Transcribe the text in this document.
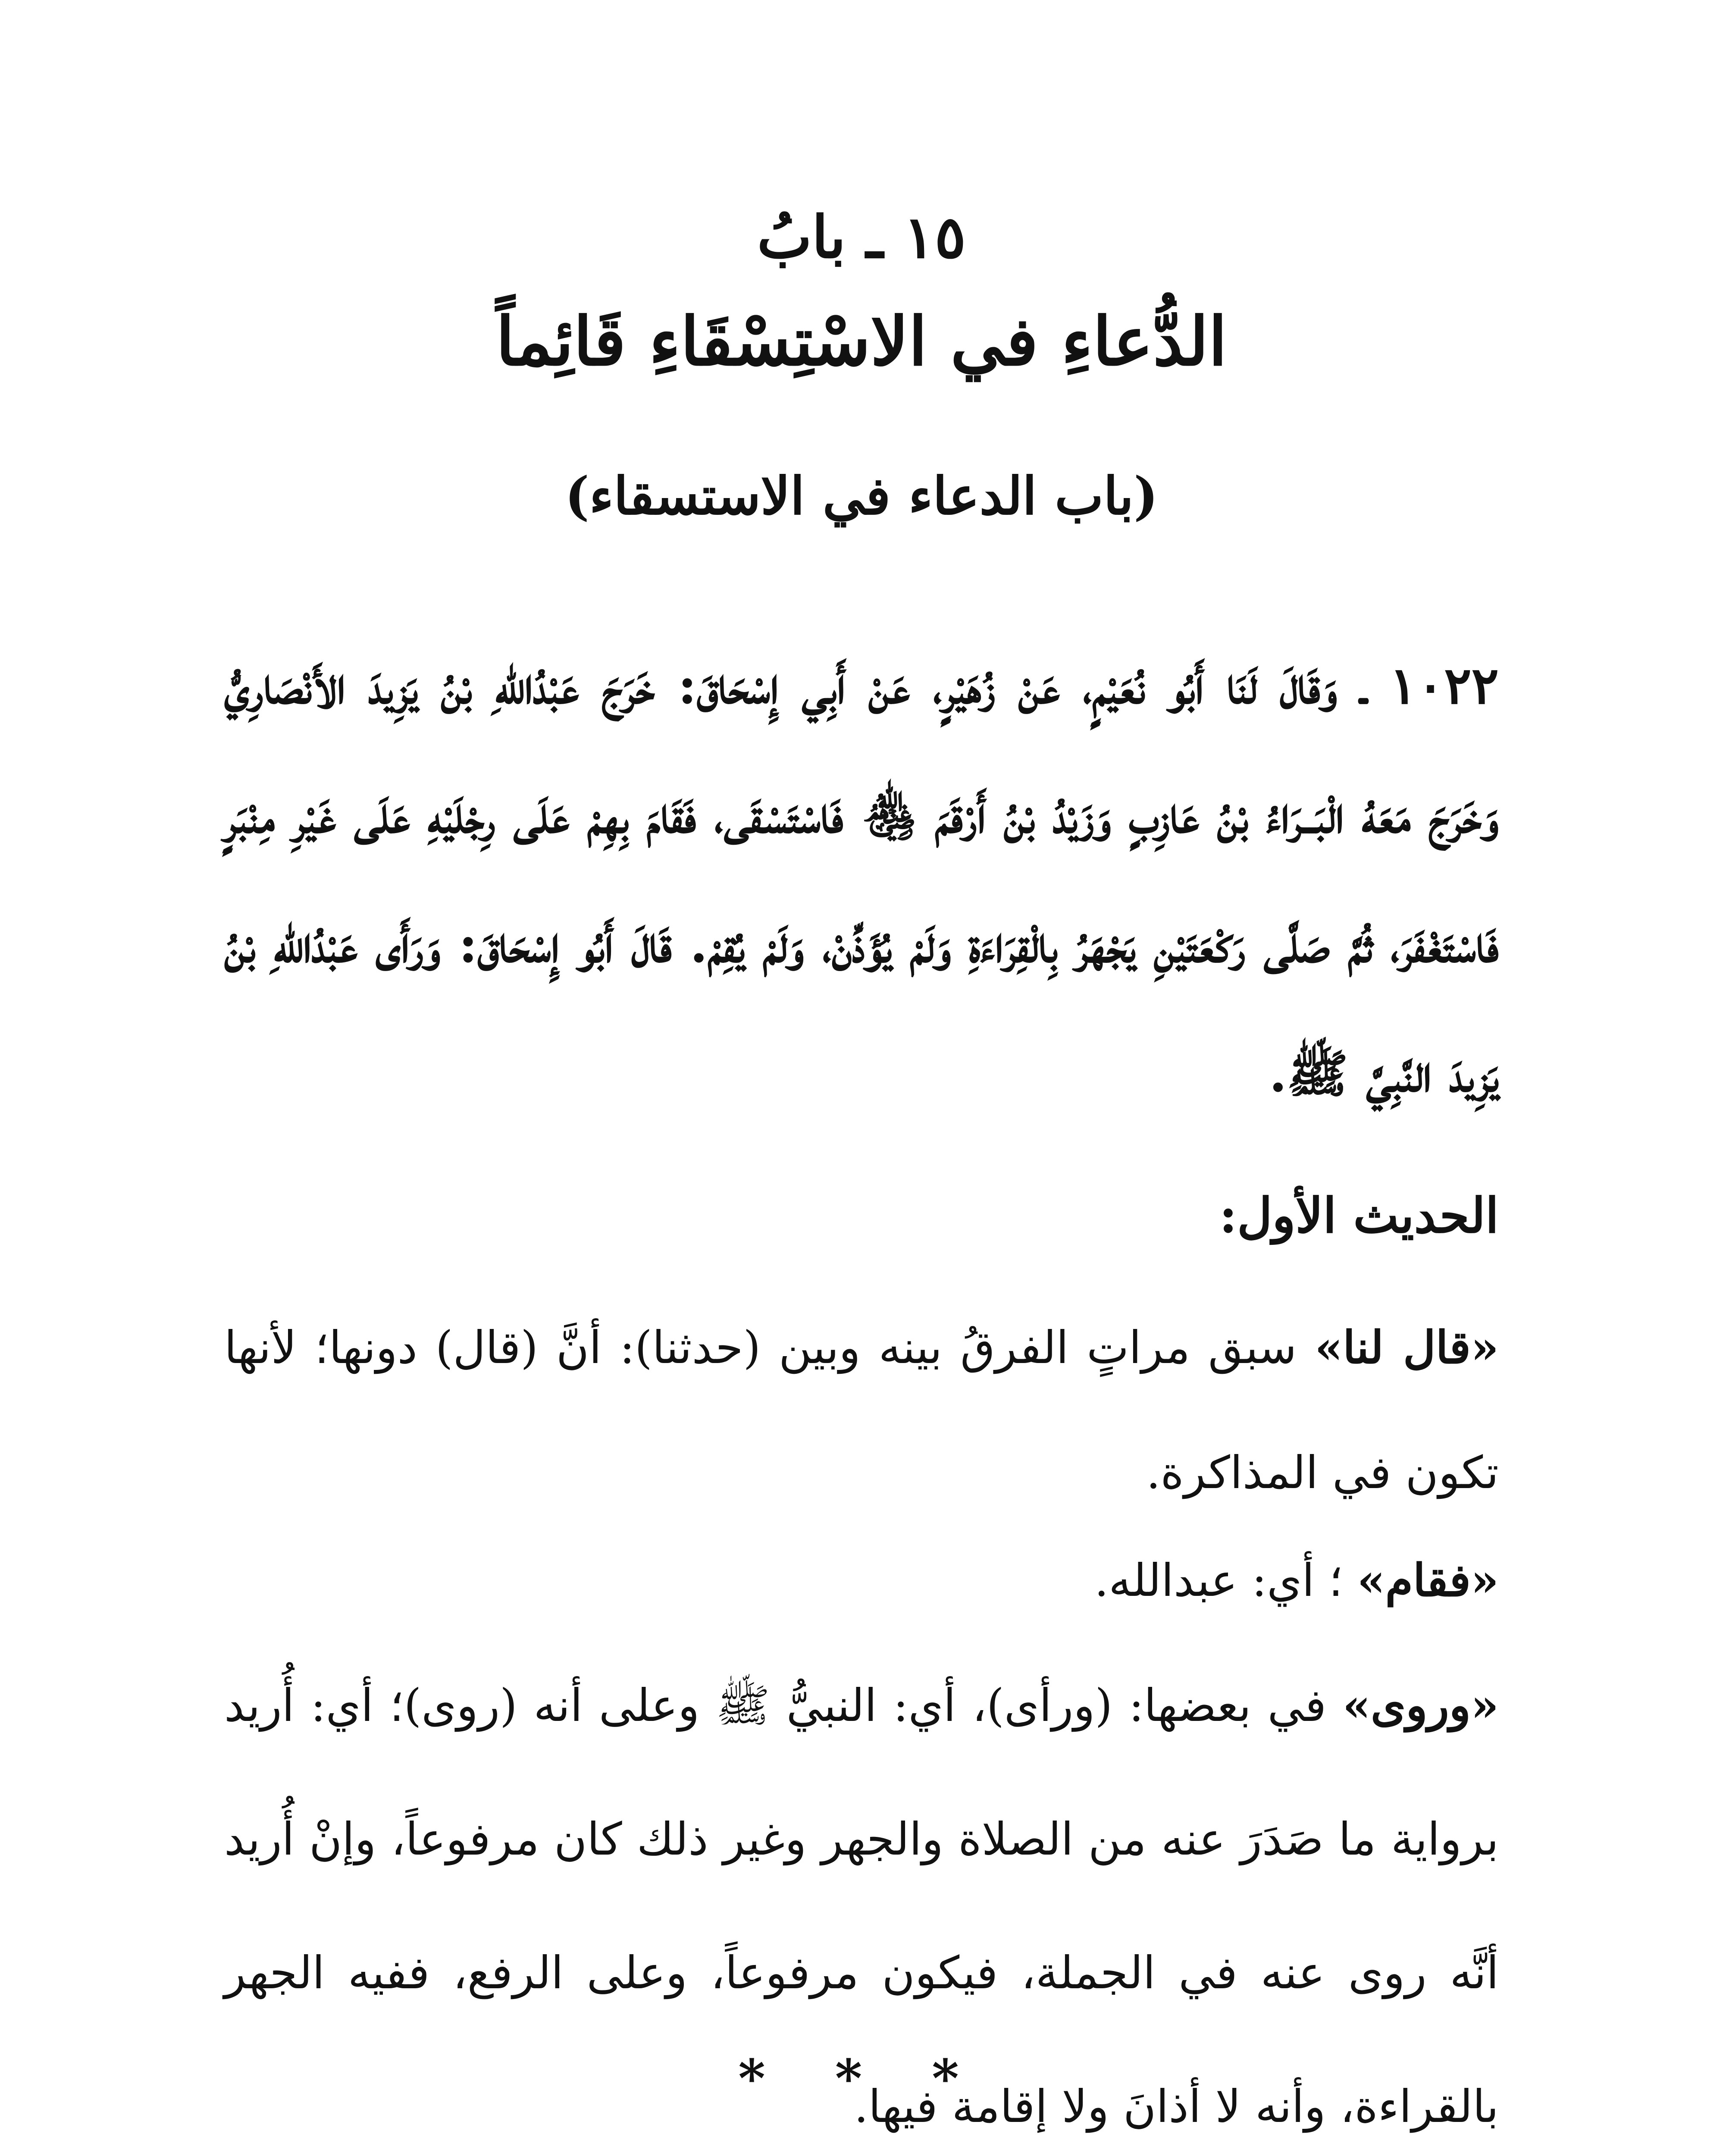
١٥ ـ بابُ
الدُّعاءِ في الاسْتِسْقَاءِ قَائِماً
(باب الدعاء في الاستسقاء)
١٠٢٢ ـ وَقَالَ لَنَا أَبُو نُعَيْمٍ، عَنْ زُهَيْرٍ، عَنْ أَبِي إِسْحَاقَ: خَرَجَ عَبْدُاللهِ بْنُ يَزِيدَ الأَنْصَارِيُّ وَخَرَجَ مَعَهُ الْبَــرَاءُ بْنُ عَازِبٍ وَزَيْدُ بْنُ أَرْقَمَ ﵃ فَاسْتَسْقَى، فَقَامَ بِهِمْ عَلَى رِجْلَيْهِ عَلَى غَيْرِ مِنْبَرٍ فَاسْتَغْفَرَ، ثُمَّ صَلَّى رَكْعَتَيْنِ يَجْهَرُ بِالْقِرَاءَةِ وَلَمْ يُؤَذِّنْ، وَلَمْ يُقِمْ. قَالَ أَبُو إِسْحَاقَ: وَرَأَى عَبْدُاللهِ بْنُ يَزِيدَ النَّبِيَّ ﷺ.
الحديث الأول:
«قال لنا» سبق مراتٍ الفرقُ بينه وبين (حدثنا): أنَّ (قال) دونها؛ لأنها تكون في المذاكرة.
«فقام» ؛ أي: عبدالله.
«وروى» في بعضها: (ورأى)، أي: النبيُّ ﷺ وعلى أنه (روى)؛ أي: أُريد برواية ما صَدَرَ عنه من الصلاة والجهر وغير ذلك كان مرفوعاً، وإنْ أُريد أنَّه روى عنه في الجملة، فيكون مرفوعاً، وعلى الرفع، ففيه الجهر بالقراءة، وأنه لا أذانَ ولا إقامة فيها.
* * *
